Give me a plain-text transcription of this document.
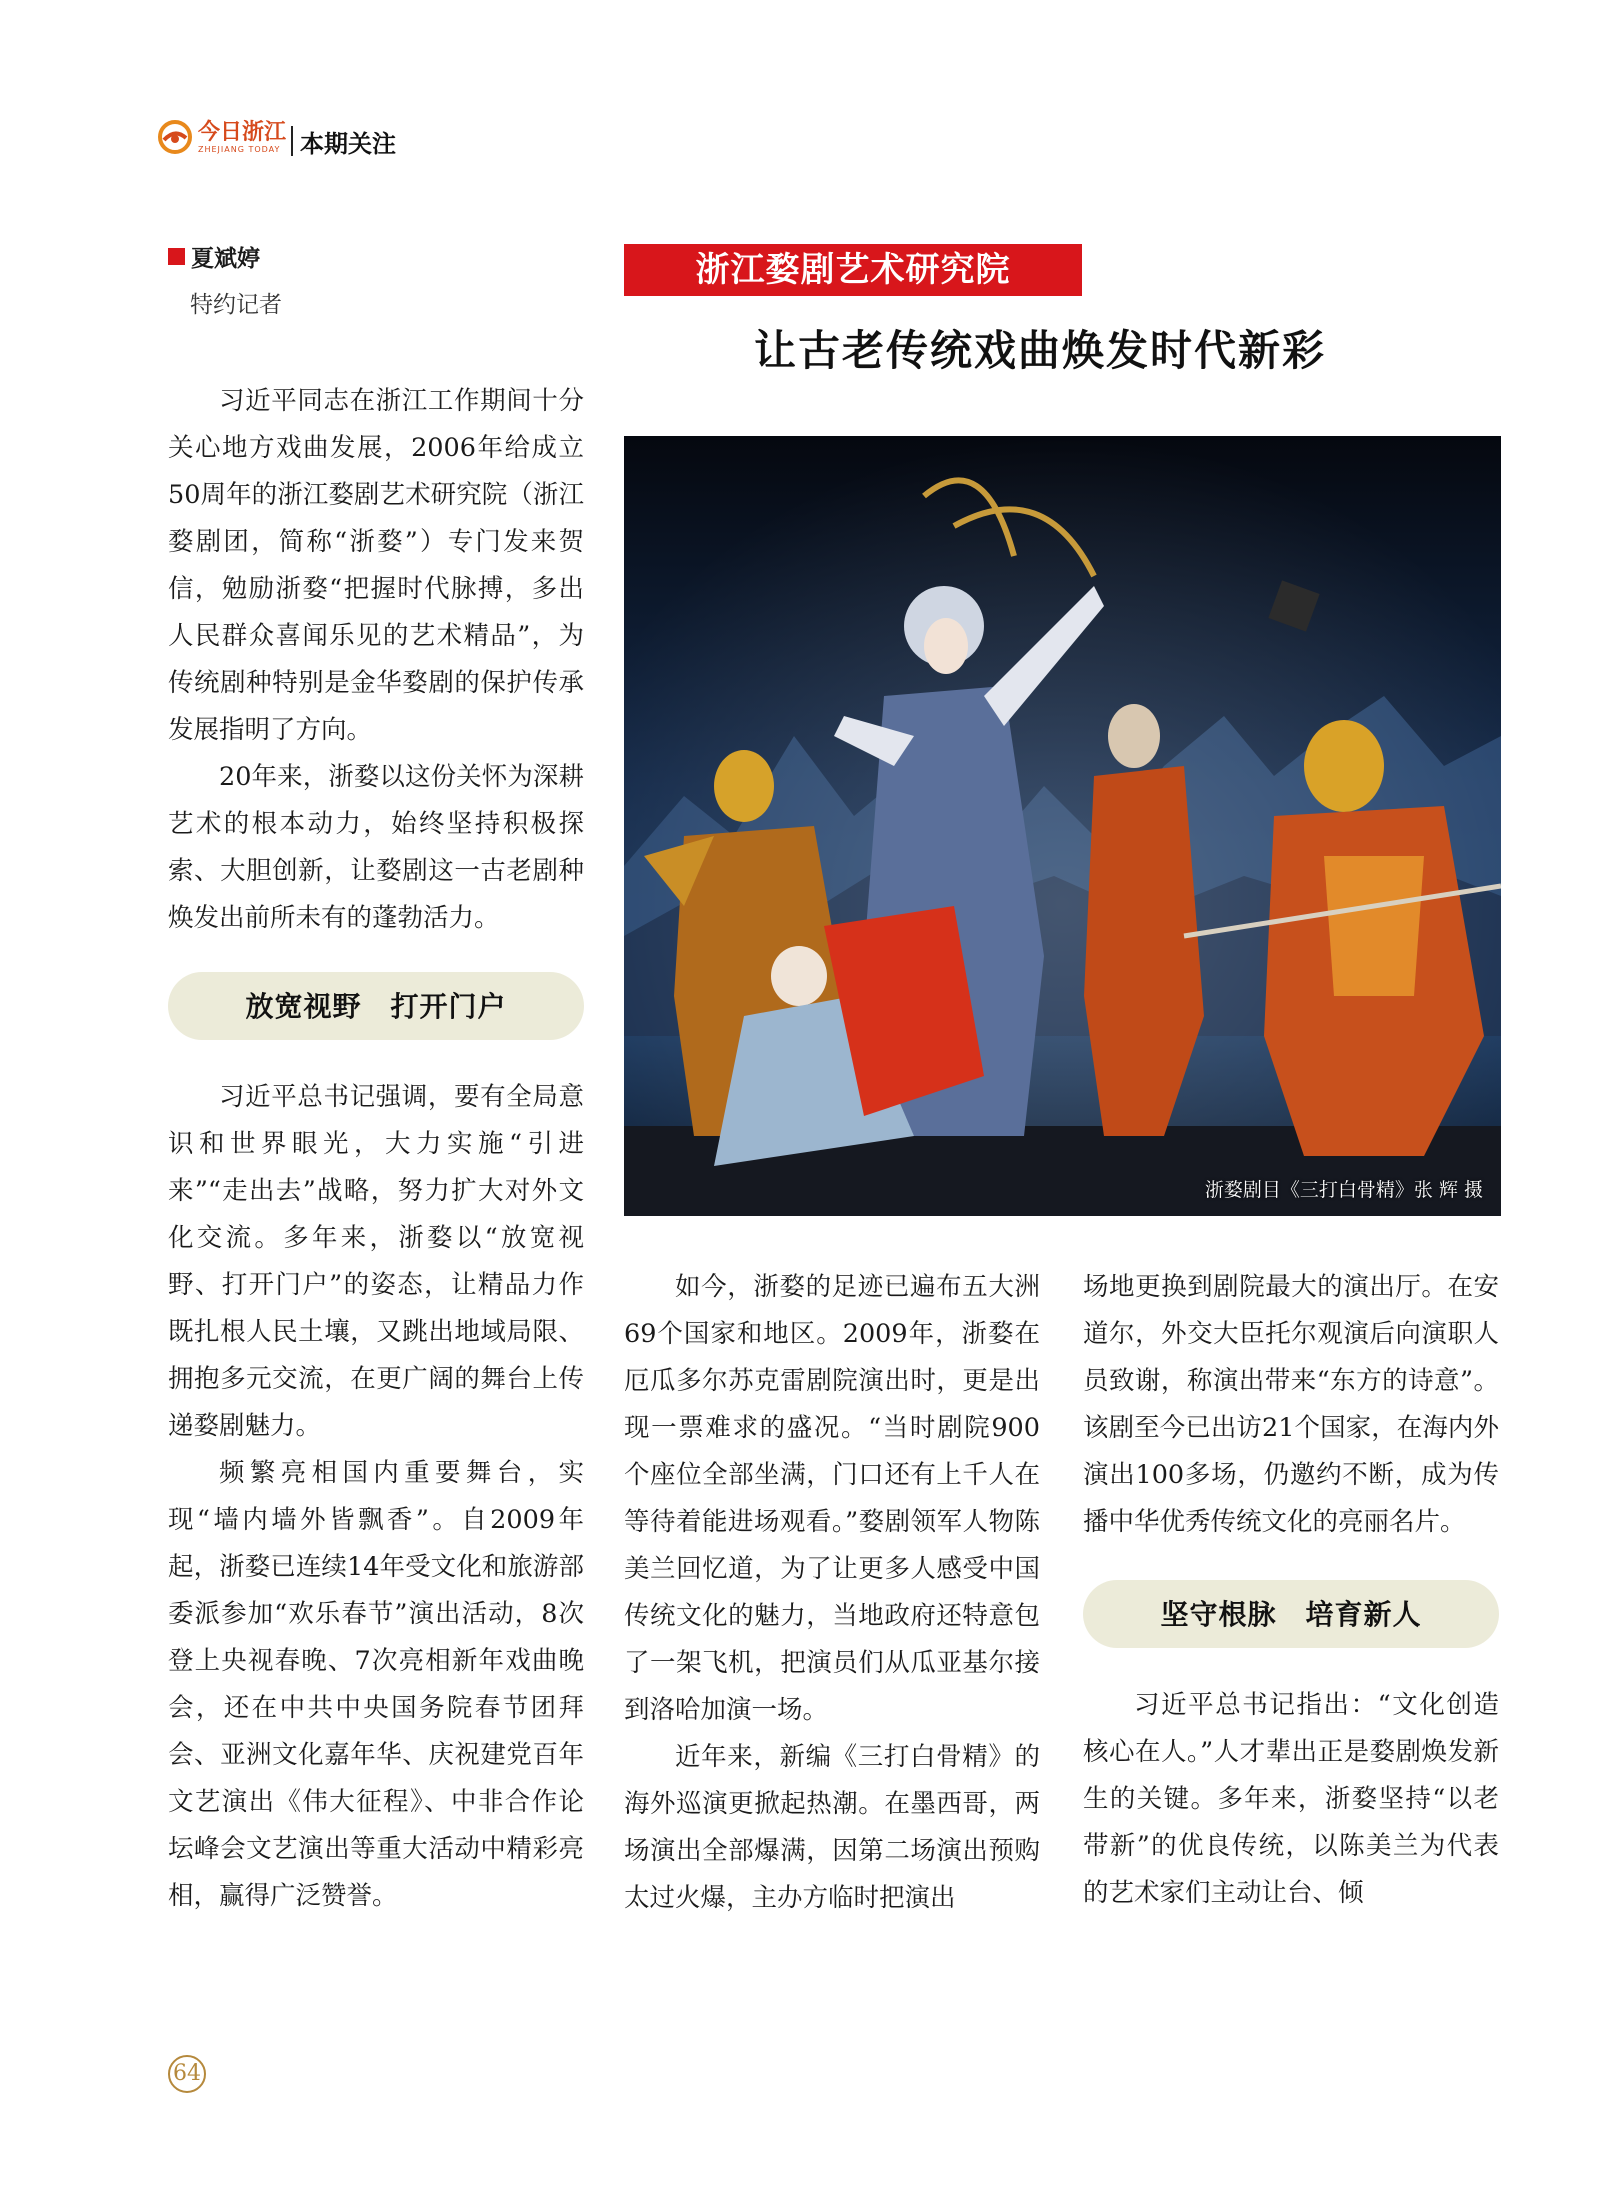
今日浙江
ZHEJIANG TODAY 本期关注
夏斌婷
特约记者
浙江婺剧艺术研究院
让古老传统戏曲焕发时代新彩
浙婺剧目《三打白骨精》张 辉 摄

习近平同志在浙江工作期间十分关心地方戏曲发展，2006年给成立50周年的浙江婺剧艺术研究院（浙江婺剧团，简称“浙婺”）专门发来贺信，勉励浙婺“把握时代脉搏，多出人民群众喜闻乐见的艺术精品”，为传统剧种特别是金华婺剧的保护传承发展指明了方向。

20年来，浙婺以这份关怀为深耕艺术的根本动力，始终坚持积极探索、大胆创新，让婺剧这一古老剧种焕发出前所未有的蓬勃活力。

放宽视野　打开门户

习近平总书记强调，要有全局意识和世界眼光，大力实施“引进来”“走出去”战略，努力扩大对外文化交流。多年来，浙婺以“放宽视野、打开门户”的姿态，让精品力作既扎根人民土壤，又跳出地域局限、拥抱多元交流，在更广阔的舞台上传递婺剧魅力。

频繁亮相国内重要舞台，实现“墙内墙外皆飘香”。自2009年起，浙婺已连续14年受文化和旅游部委派参加“欢乐春节”演出活动，8次登上央视春晚、7次亮相新年戏曲晚会，还在中共中央国务院春节团拜会、亚洲文化嘉年华、庆祝建党百年文艺演出《伟大征程》、中非合作论坛峰会文艺演出等重大活动中精彩亮相，赢得广泛赞誉。

如今，浙婺的足迹已遍布五大洲69个国家和地区。2009年，浙婺在厄瓜多尔苏克雷剧院演出时，更是出现一票难求的盛况。“当时剧院900个座位全部坐满，门口还有上千人在等待着能进场观看。”婺剧领军人物陈美兰回忆道，为了让更多人感受中国传统文化的魅力，当地政府还特意包了一架飞机，把演员们从瓜亚基尔接到洛哈加演一场。

近年来，新编《三打白骨精》的海外巡演更掀起热潮。在墨西哥，两场演出全部爆满，因第二场演出预购太过火爆，主办方临时把演出

场地更换到剧院最大的演出厅。在安道尔，外交大臣托尔观演后向演职人员致谢，称演出带来“东方的诗意”。该剧至今已出访21个国家，在海内外演出100多场，仍邀约不断，成为传播中华优秀传统文化的亮丽名片。

坚守根脉　培育新人

习近平总书记指出：“文化创造核心在人。”人才辈出正是婺剧焕发新生的关键。多年来，浙婺坚持“以老带新”的优良传统，以陈美兰为代表的艺术家们主动让台、倾

64
